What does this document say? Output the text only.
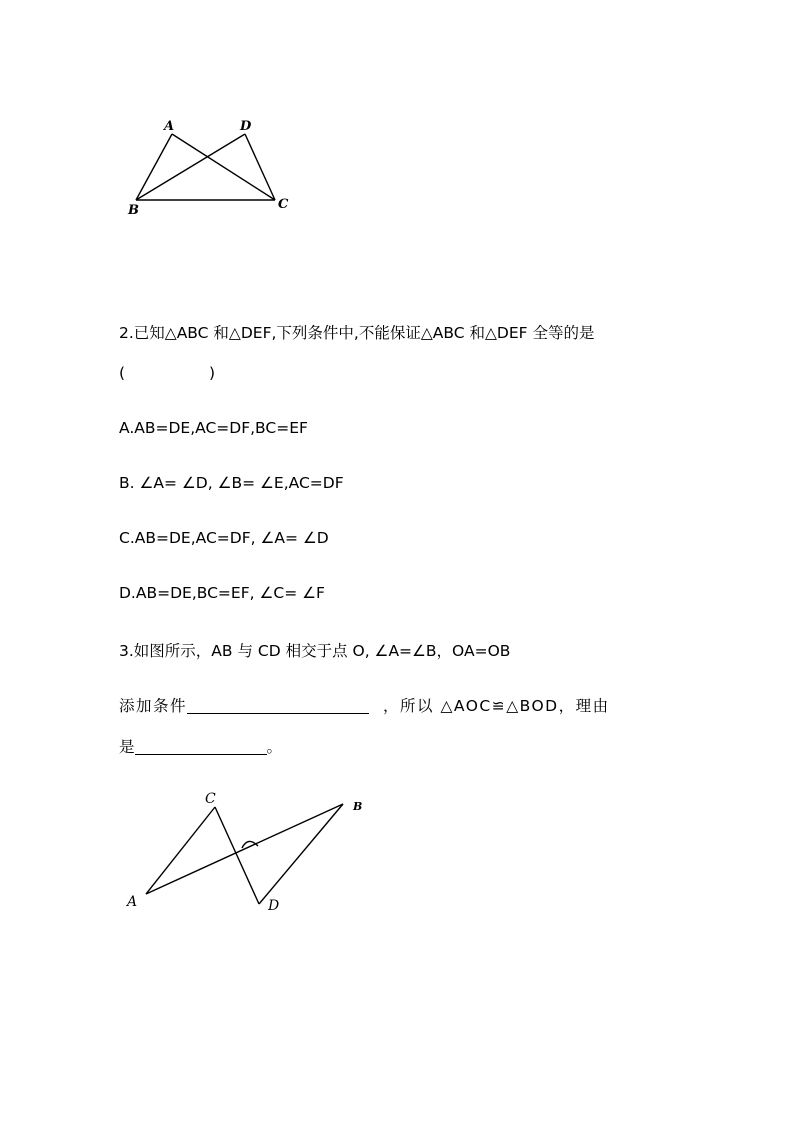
A	D
B	C
2.已知△ABC 和△DEF,下列条件中,不能保证△ABC 和△DEF 全等的是
(	)
A.AB=DE,AC=DF,BC=EF
B. ∠A= ∠D, ∠B= ∠E,AC=DF
C.AB=DE,AC=DF, ∠A= ∠D
D.AB=DE,BC=EF, ∠C= ∠F
3.如图所示，AB 与 CD 相交于点 O, ∠A=∠B，OA=OB
添加条件	，所以 △AOC≌△BOD，理由
是	。
C	B
A	D
